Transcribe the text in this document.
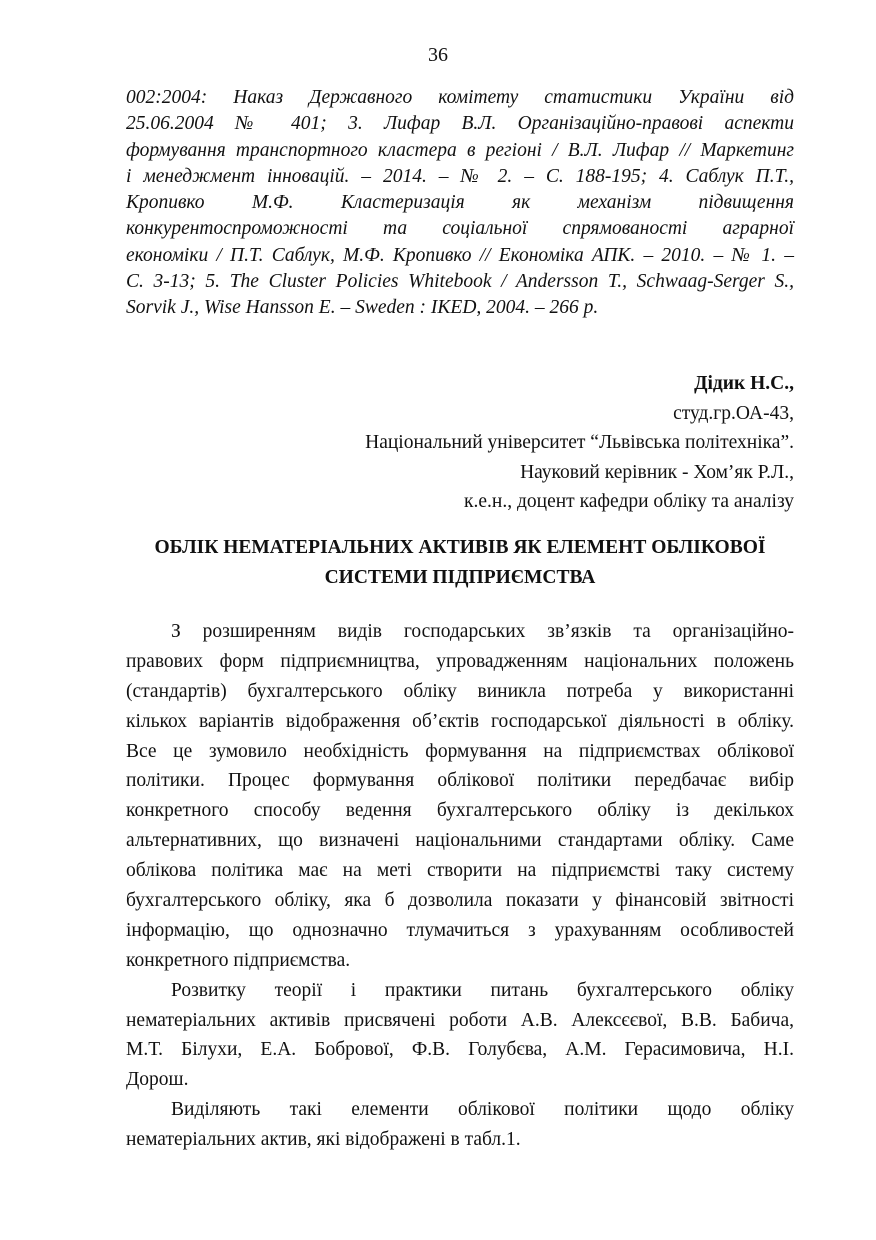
36
002:2004: Наказ Державного комітету статистики України від
25.06.2004 № 401; 3. Лифар В.Л. Організаційно-правові аспекти
формування транспортного кластера в регіоні / В.Л. Лифар // Маркетинг
і менеджмент інновацій. – 2014. – № 2. – С. 188-195; 4. Саблук П.Т.,
Кропивко М.Ф. Кластеризація як механізм підвищення
конкурентоспроможності та соціальної спрямованості аграрної
економіки / П.Т. Саблук, М.Ф. Кропивко // Економіка АПК. – 2010. – № 1. –
С. 3-13; 5. The Cluster Policies Whitebook / Andersson T., Schwaag-Serger S.,
Sorvik J., Wise Hansson E. – Sweden : IKED, 2004. – 266 p.
Дідик Н.С.,
студ.гр.ОА-43,
Національний університет “Львівська політехніка”.
Науковий керівник - Хом’як Р.Л.,
к.е.н., доцент кафедри обліку та аналізу
ОБЛІК НЕМАТЕРІАЛЬНИХ АКТИВІВ ЯК ЕЛЕМЕНТ ОБЛІКОВОЇ
СИСТЕМИ ПІДПРИЄМСТВА
З розширенням видів господарських зв’язків та організаційно-
правових форм підприємництва, упровадженням національних положень
(стандартів) бухгалтерського обліку виникла потреба у використанні
кількох варіантів відображення об’єктів господарської діяльності в обліку.
Все це зумовило необхідність формування на підприємствах облікової
політики. Процес формування облікової політики передбачає вибір
конкретного способу ведення бухгалтерського обліку із декількох
альтернативних, що визначені національними стандартами обліку. Саме
облікова політика має на меті створити на підприємстві таку систему
бухгалтерського обліку, яка б дозволила показати у фінансовій звітності
інформацію, що однозначно тлумачиться з урахуванням особливостей
конкретного підприємства.
Розвитку теорії і практики питань бухгалтерського обліку
нематеріальних активів присвячені роботи А.В. Алексєєвої, В.В. Бабича,
М.Т. Білухи, Е.А. Бобрової, Ф.В. Голубєва, А.М. Герасимовича, Н.І.
Дорош.
Виділяють такі елементи облікової політики щодо обліку
нематеріальних актив, які відображені в табл.1.
